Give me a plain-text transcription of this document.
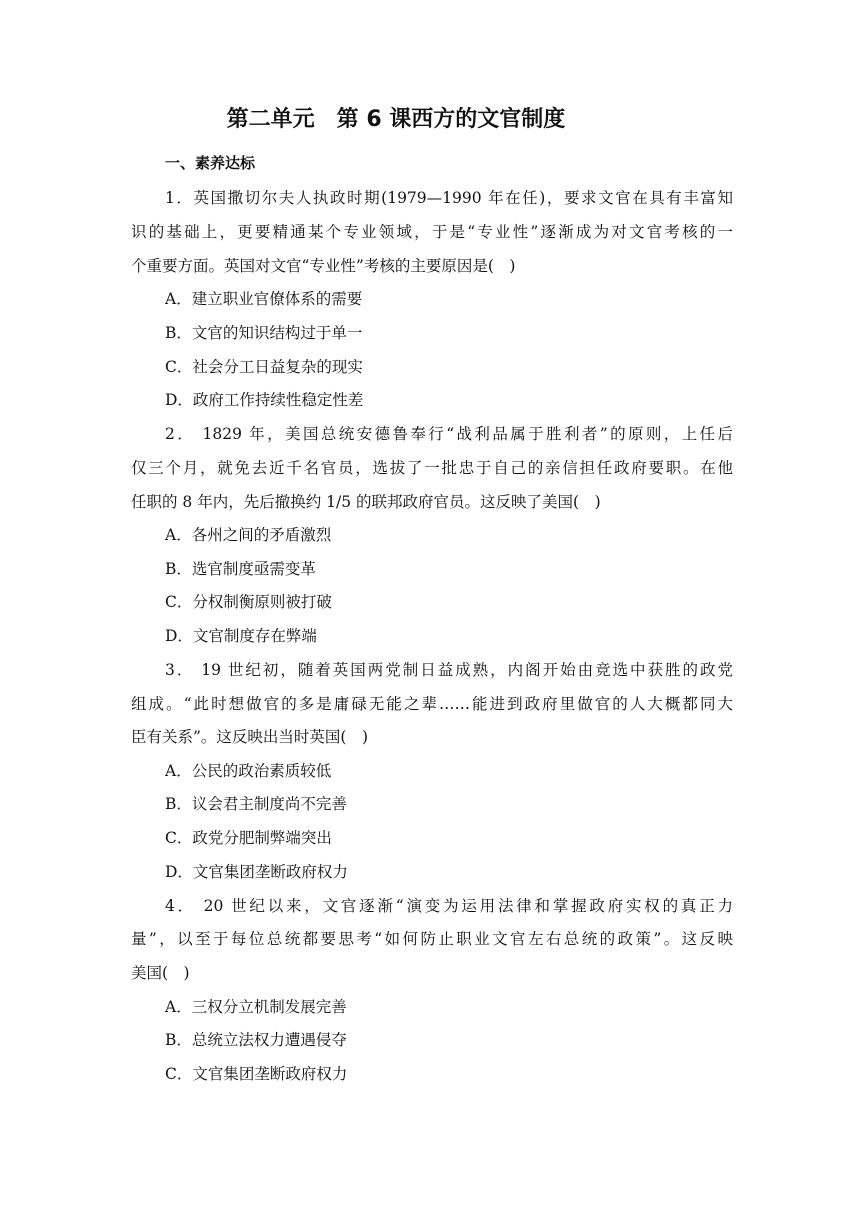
第二单元　第 6 课西方的文官制度
一、素养达标
1．英国撒切尔夫人执政时期(1979—1990 年在任)，要求文官在具有丰富知
识的基础上，更要精通某个专业领域，于是“专业性”逐渐成为对文官考核的一
个重要方面。英国对文官“专业性”考核的主要原因是(　)
A．建立职业官僚体系的需要
B．文官的知识结构过于单一
C．社会分工日益复杂的现实
D．政府工作持续性稳定性差
2． 1829 年，美国总统安德鲁奉行“战利品属于胜利者”的原则，上任后
仅三个月，就免去近千名官员，选拔了一批忠于自己的亲信担任政府要职。在他
任职的 8 年内，先后撤换约 1/5 的联邦政府官员。这反映了美国(　)
A．各州之间的矛盾激烈
B．选官制度亟需变革
C．分权制衡原则被打破
D．文官制度存在弊端
3． 19 世纪初，随着英国两党制日益成熟，内阁开始由竞选中获胜的政党
组成。“此时想做官的多是庸碌无能之辈……能进到政府里做官的人大概都同大
臣有关系”。这反映出当时英国(　)
A．公民的政治素质较低
B．议会君主制度尚不完善
C．政党分肥制弊端突出
D．文官集团垄断政府权力
4． 20 世纪以来，文官逐渐“演变为运用法律和掌握政府实权的真正力
量”，以至于每位总统都要思考“如何防止职业文官左右总统的政策”。这反映
美国(　)
A．三权分立机制发展完善
B．总统立法权力遭遇侵夺
C．文官集团垄断政府权力
